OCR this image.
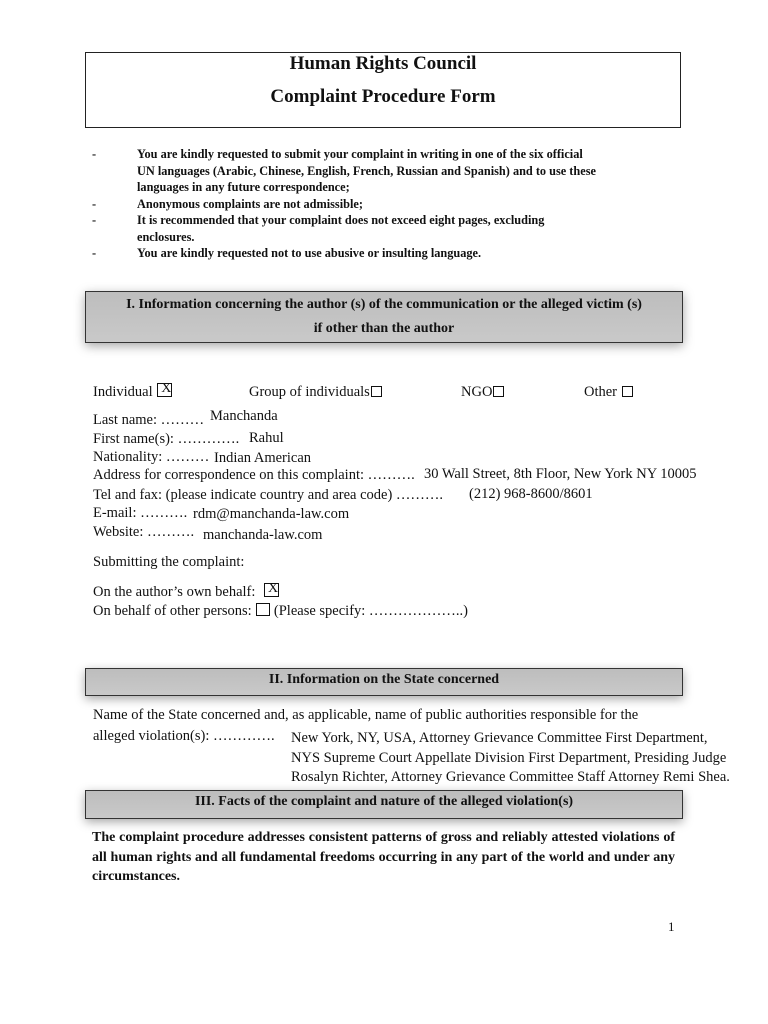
Human Rights Council
Complaint Procedure Form
-	You are kindly requested to submit your complaint in writing in one of the six official
UN languages (Arabic, Chinese, English, French, Russian and Spanish) and to use these
languages in any future correspondence;
-	Anonymous complaints are not admissible;
-	It is recommended that your complaint does not exceed eight pages, excluding
enclosures.
-	You are kindly requested not to use abusive or insulting language.
I. Information concerning the author (s) of the communication or the alleged victim (s)
if other than the author
Individual X	Group of individuals	NGO	Other
Last name: ……… Manchanda
First name(s): …………. Rahul
Nationality: ……… Indian American
Address for correspondence on this complaint: ………. 30 Wall Street, 8th Floor, New York NY 10005
Tel and fax: (please indicate country and area code) ………. (212) 968-8600/8601
E-mail: ………. rdm@manchanda-law.com
Website: ………. manchanda-law.com
Submitting the complaint:
On the author’s own behalf: X
On behalf of other persons: (Please specify: ………………..)
II. Information on the State concerned
Name of the State concerned and, as applicable, name of public authorities responsible for the
alleged violation(s): …………. New York, NY, USA, Attorney Grievance Committee First Department,
NYS Supreme Court Appellate Division First Department, Presiding Judge
Rosalyn Richter, Attorney Grievance Committee Staff Attorney Remi Shea.
III. Facts of the complaint and nature of the alleged violation(s)
The complaint procedure addresses consistent patterns of gross and reliably attested violations of all human rights and all fundamental freedoms occurring in any part of the world and under any circumstances.
1
